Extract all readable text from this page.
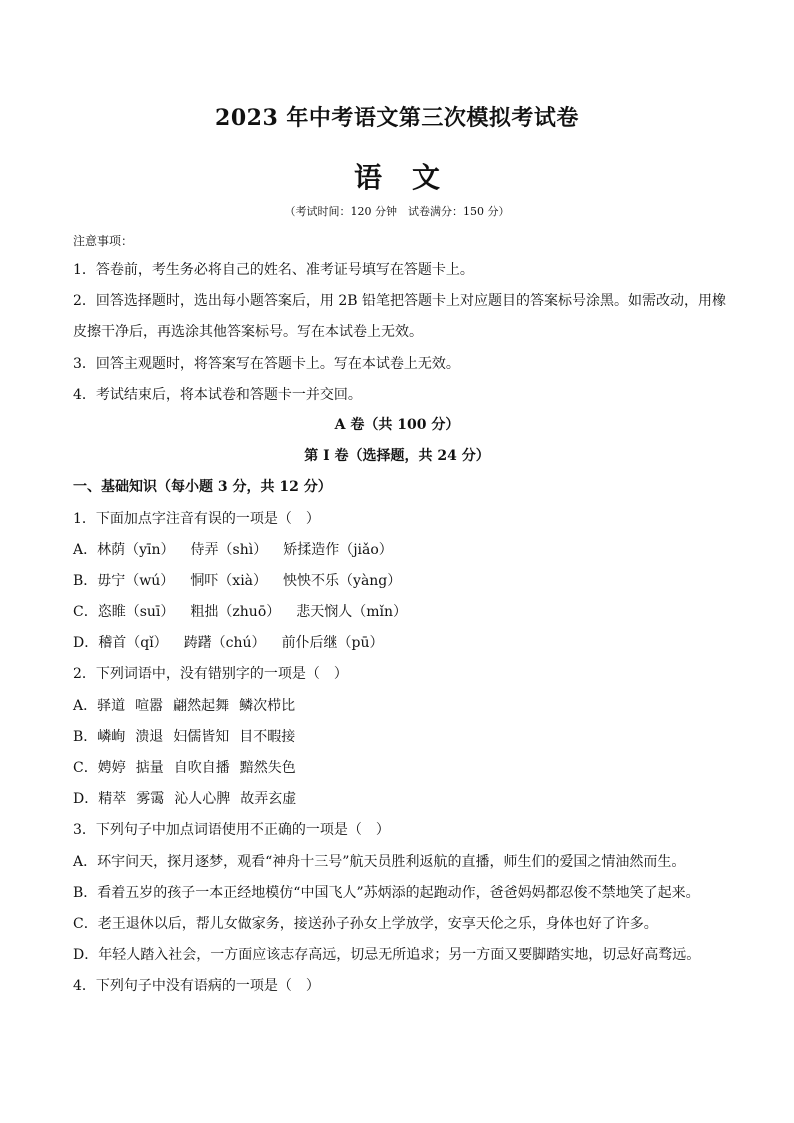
2023 年中考语文第三次模拟考试卷
语文
（考试时间：120 分钟　试卷满分：150 分）
注意事项：
1．答卷前，考生务必将自己的姓名、准考证号填写在答题卡上。
2．回答选择题时，选出每小题答案后，用 2B 铅笔把答题卡上对应题目的答案标号涂黑。如需改动，用橡
皮擦干净后，再选涂其他答案标号。写在本试卷上无效。
3．回答主观题时，将答案写在答题卡上。写在本试卷上无效。
4．考试结束后，将本试卷和答题卡一并交回。
A 卷（共 100 分）
第 I 卷（选择题，共 24 分）
一、基础知识（每小题 3 分，共 12 分）
1．下面加点字注音有误的一项是（　）
A．林荫（yīn） 侍弄（shì） 矫揉造作（jiǎo）
B．毋宁（wú） 恫吓（xià） 怏怏不乐（yàng）
C．恣睢（suī） 粗拙（zhuō） 悲天悯人（mǐn）
D．稽首（qǐ） 踌躇（chú） 前仆后继（pū）
2．下列词语中，没有错别字的一项是（　）
A．驿道 喧嚣 翩然起舞 鳞次栉比
B．嶙峋 溃退 妇儒皆知 目不暇接
C．娉婷 掂量 自吹自播 黯然失色
D．精萃 雾霭 沁人心脾 故弄玄虚
3．下列句子中加点词语使用不正确的一项是（　）
A．环宇问天，探月逐梦，观看“神舟十三号”航天员胜利返航的直播，师生们的爱国之情油然而生。
B．看着五岁的孩子一本正经地模仿“中国飞人”苏炳添的起跑动作，爸爸妈妈都忍俊不禁地笑了起来。
C．老王退休以后，帮儿女做家务，接送孙子孙女上学放学，安享天伦之乐，身体也好了许多。
D．年轻人踏入社会，一方面应该志存高远，切忌无所追求；另一方面又要脚踏实地，切忌好高骛远。
4．下列句子中没有语病的一项是（　）
